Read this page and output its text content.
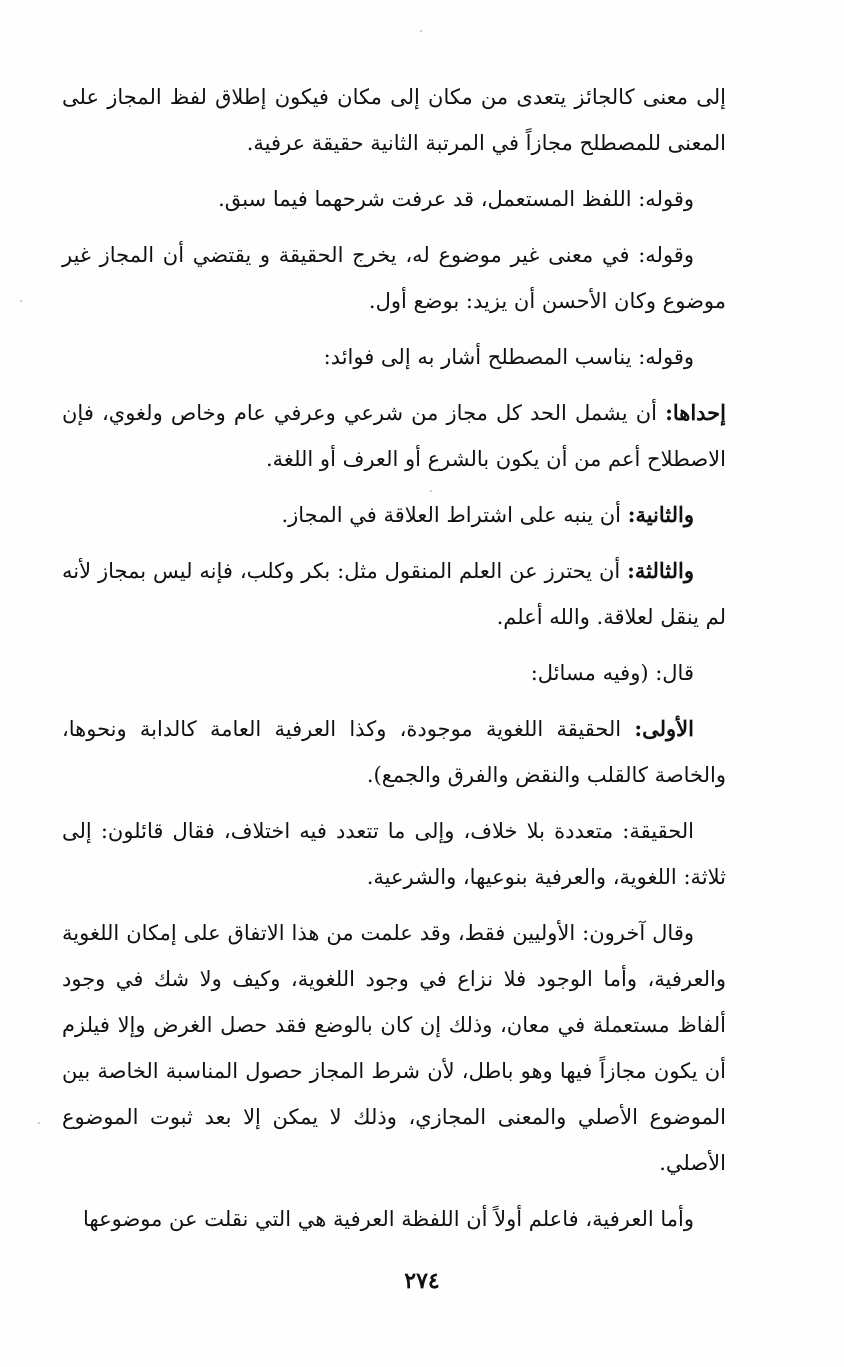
إلى معنى كالجائز يتعدى من مكان إلى مكان فيكون إطلاق لفظ المجاز على المعنى للمصطلح مجازاً في المرتبة الثانية حقيقة عرفية.

وقوله: اللفظ المستعمل، قد عرفت شرحهما فيما سبق.

وقوله: في معنى غير موضوع له، يخرج الحقيقة و يقتضي أن المجاز غير موضوع وكان الأحسن أن يزيد: بوضع أول.

وقوله: يناسب المصطلح أشار به إلى فوائد:

إحداها: أن يشمل الحد كل مجاز من شرعي وعرفي عام وخاص ولغوي، فإن الاصطلاح أعم من أن يكون بالشرع أو العرف أو اللغة.

والثانية: أن ينبه على اشتراط العلاقة في المجاز.

والثالثة: أن يحترز عن العلم المنقول مثل: بكر وكلب، فإنه ليس بمجاز لأنه لم ينقل لعلاقة. والله أعلم.

قال: (وفيه مسائل:

الأولى: الحقيقة اللغوية موجودة، وكذا العرفية العامة كالدابة ونحوها، والخاصة كالقلب والنقض والفرق والجمع).

الحقيقة: متعددة بلا خلاف، وإلى ما تتعدد فيه اختلاف، فقال قائلون: إلى ثلاثة: اللغوية، والعرفية بنوعيها، والشرعية.

وقال آخرون: الأوليين فقط، وقد علمت من هذا الاتفاق على إمكان اللغوية والعرفية، وأما الوجود فلا نزاع في وجود اللغوية، وكيف ولا شك في وجود ألفاظ مستعملة في معان، وذلك إن كان بالوضع فقد حصل الغرض وإلا فيلزم أن يكون مجازاً فيها وهو باطل، لأن شرط المجاز حصول المناسبة الخاصة بين الموضوع الأصلي والمعنى المجازي، وذلك لا يمكن إلا بعد ثبوت الموضوع الأصلي.

وأما العرفية، فاعلم أولاً أن اللفظة العرفية هي التي نقلت عن موضوعها

٢٧٤
